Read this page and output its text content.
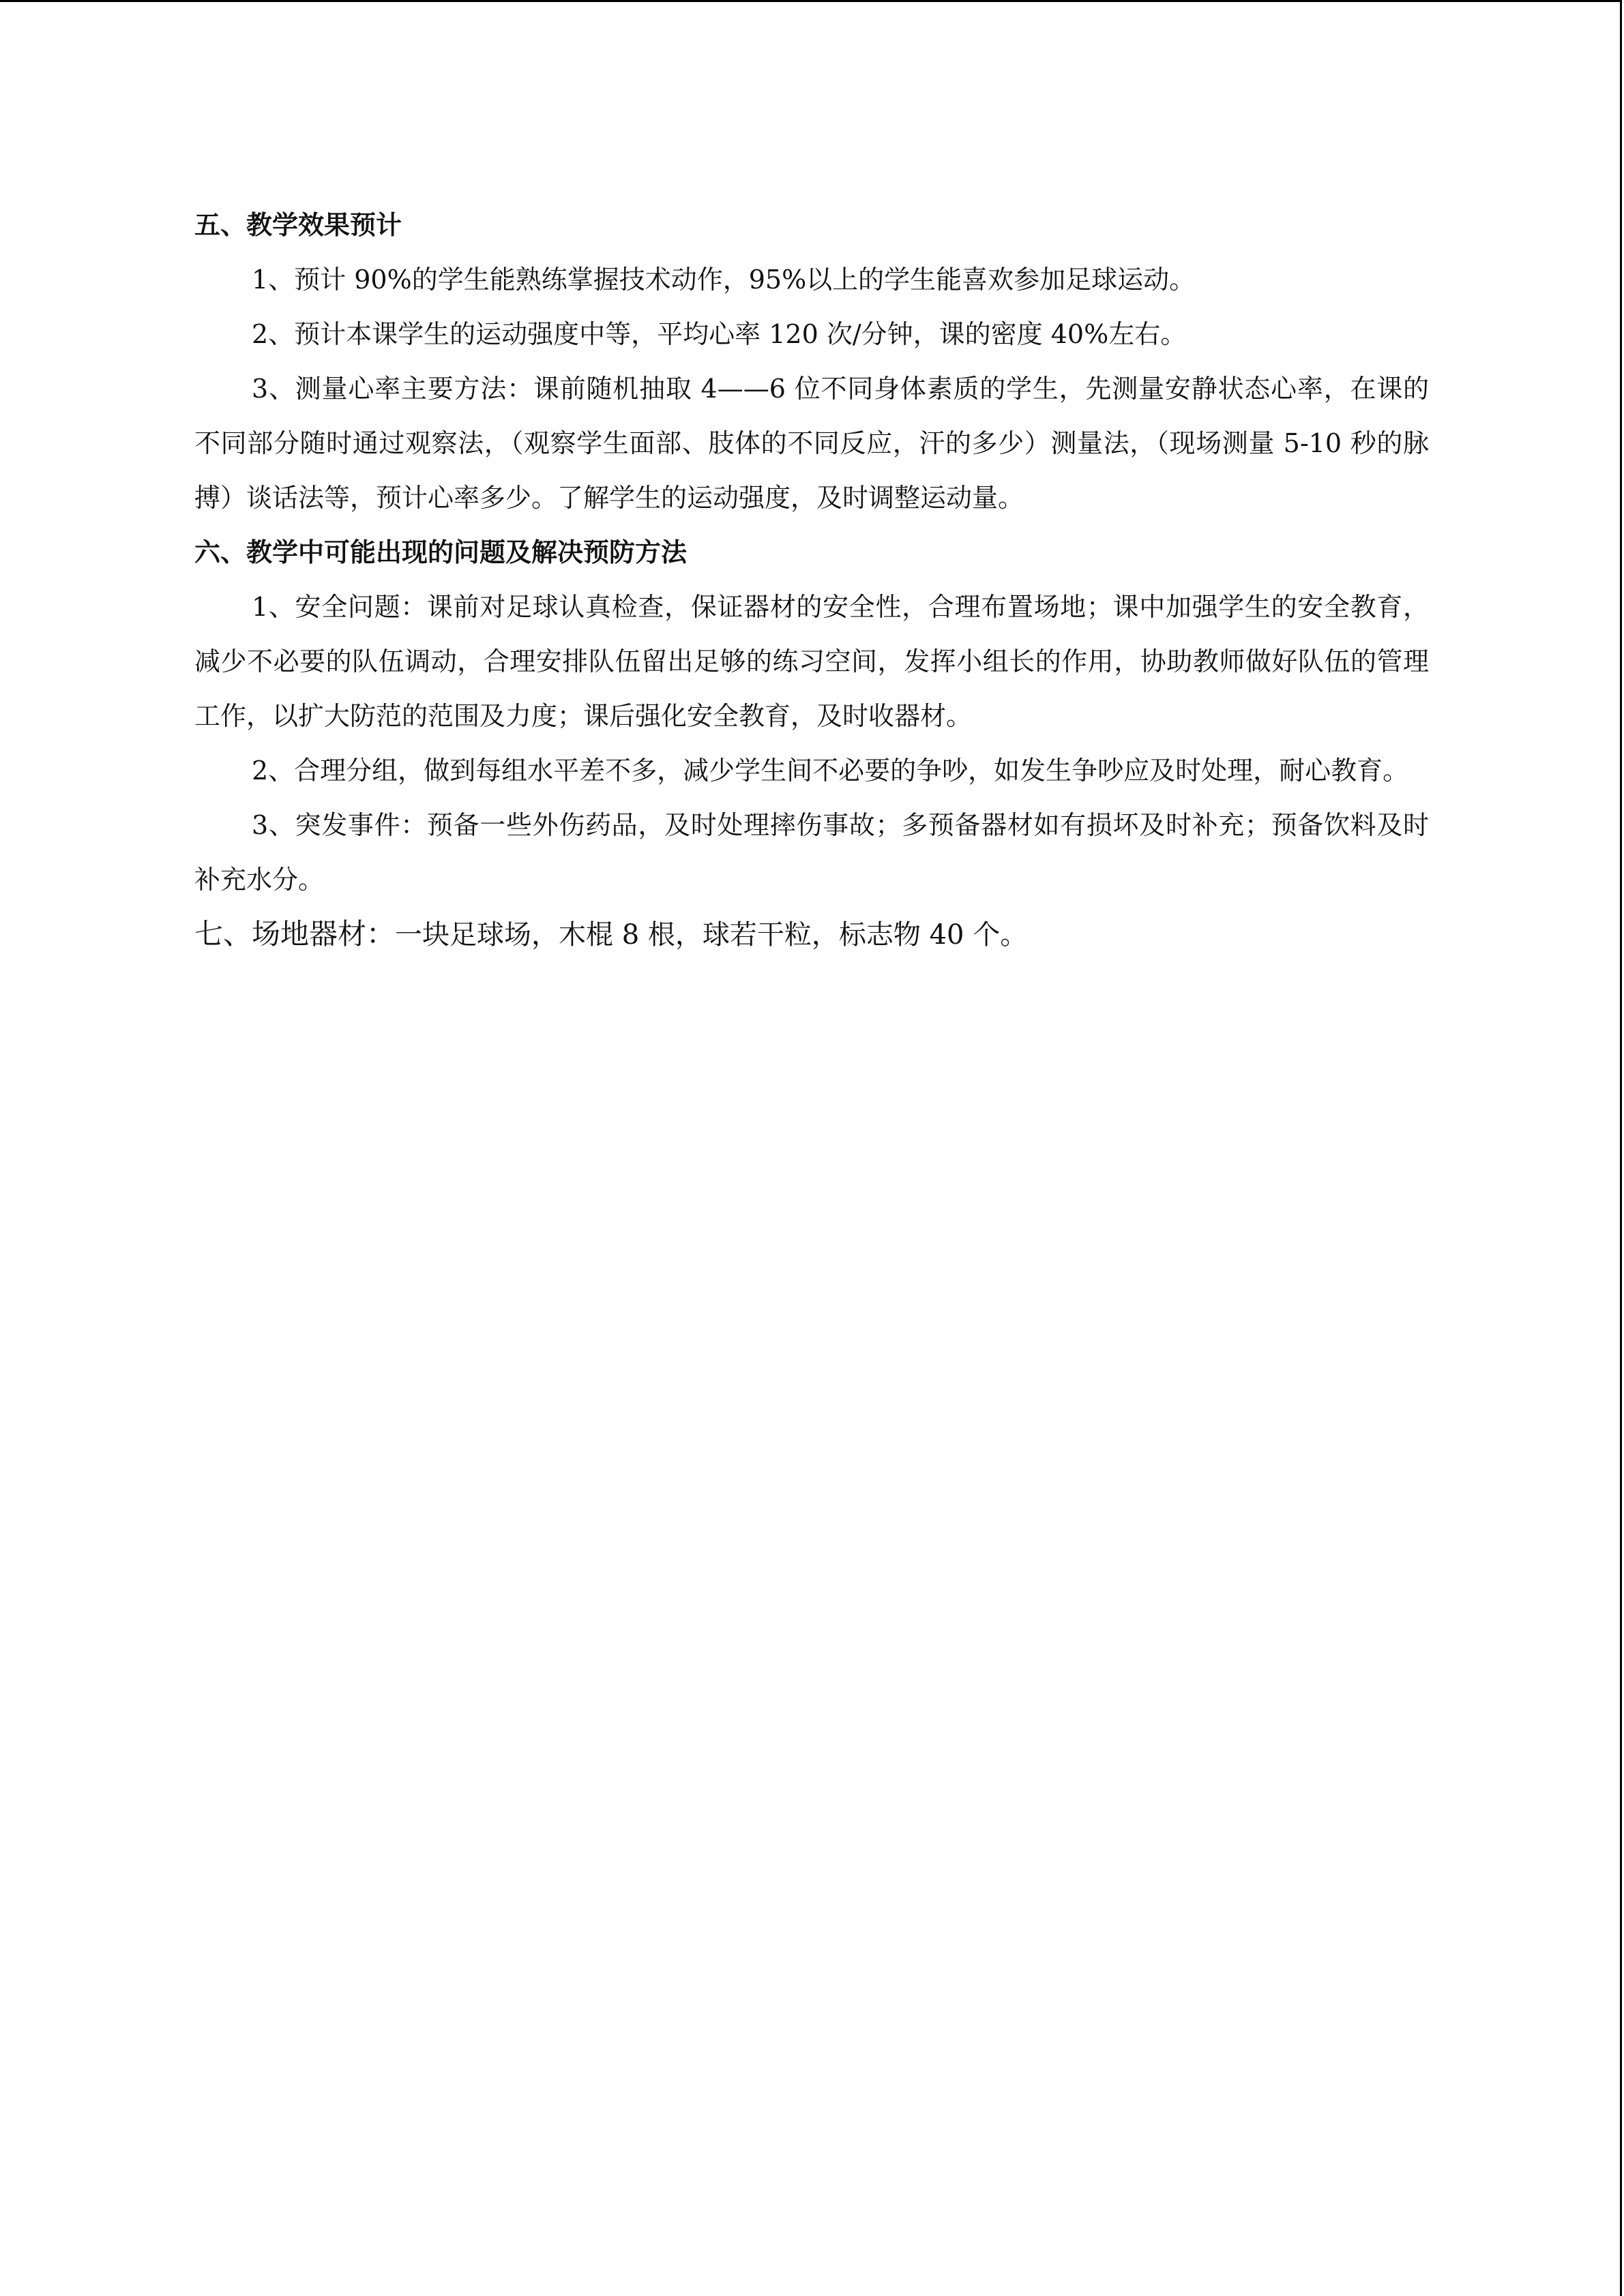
五、教学效果预计

1、预计 90%的学生能熟练掌握技术动作，95%以上的学生能喜欢参加足球运动。

2、预计本课学生的运动强度中等，平均心率 120 次/分钟，课的密度 40%左右。

3、测量心率主要方法：课前随机抽取 4——6 位不同身体素质的学生，先测量安静状态心率，在课的不同部分随时通过观察法，（观察学生面部、肢体的不同反应，汗的多少）测量法，（现场测量 5-10 秒的脉搏）谈话法等，预计心率多少。了解学生的运动强度，及时调整运动量。

六、教学中可能出现的问题及解决预防方法

1、安全问题：课前对足球认真检查，保证器材的安全性，合理布置场地；课中加强学生的安全教育，减少不必要的队伍调动，合理安排队伍留出足够的练习空间，发挥小组长的作用，协助教师做好队伍的管理工作，以扩大防范的范围及力度；课后强化安全教育，及时收器材。

2、合理分组，做到每组水平差不多，减少学生间不必要的争吵，如发生争吵应及时处理，耐心教育。

3、突发事件：预备一些外伤药品，及时处理摔伤事故；多预备器材如有损坏及时补充；预备饮料及时补充水分。

七、场地器材：一块足球场，木棍 8 根，球若干粒，标志物 40 个。
